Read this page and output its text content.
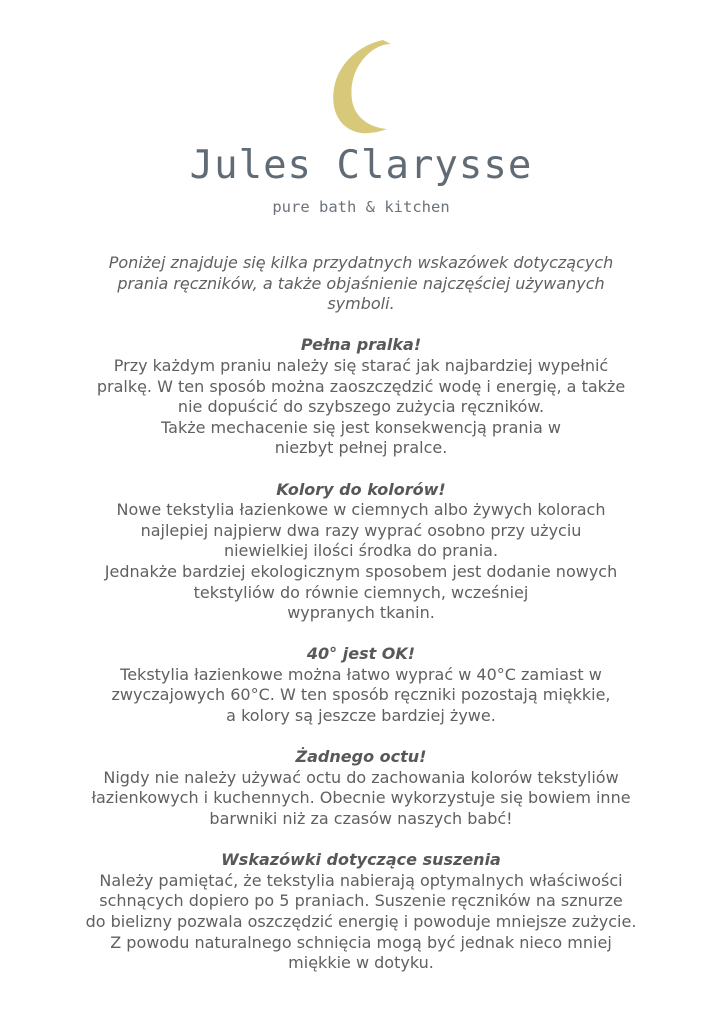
Jules Clarysse
pure bath & kitchen

Poniżej znajduje się kilka przydatnych wskazówek dotyczących
prania ręczników, a także objaśnienie najczęściej używanych
symboli.

Pełna pralka!

Przy każdym praniu należy się starać jak najbardziej wypełnić
pralkę. W ten sposób można zaoszczędzić wodę i energię, a także
nie dopuścić do szybszego zużycia ręczników.
Także mechacenie się jest konsekwencją prania w
niezbyt pełnej pralce.

Kolory do kolorów!

Nowe tekstylia łazienkowe w ciemnych albo żywych kolorach
najlepiej najpierw dwa razy wyprać osobno przy użyciu
niewielkiej ilości środka do prania.
Jednakże bardziej ekologicznym sposobem jest dodanie nowych
tekstyliów do równie ciemnych, wcześniej
wypranych tkanin.

40° jest OK!

Tekstylia łazienkowe można łatwo wyprać w 40°C zamiast w
zwyczajowych 60°C. W ten sposób ręczniki pozostają miękkie,
a kolory są jeszcze bardziej żywe.

Żadnego octu!

Nigdy nie należy używać octu do zachowania kolorów tekstyliów
łazienkowych i kuchennych. Obecnie wykorzystuje się bowiem inne
barwniki niż za czasów naszych babć!

Wskazówki dotyczące suszenia

Należy pamiętać, że tekstylia nabierają optymalnych właściwości
schnących dopiero po 5 praniach. Suszenie ręczników na sznurze
do bielizny pozwala oszczędzić energię i powoduje mniejsze zużycie.
Z powodu naturalnego schnięcia mogą być jednak nieco mniej
miękkie w dotyku.
